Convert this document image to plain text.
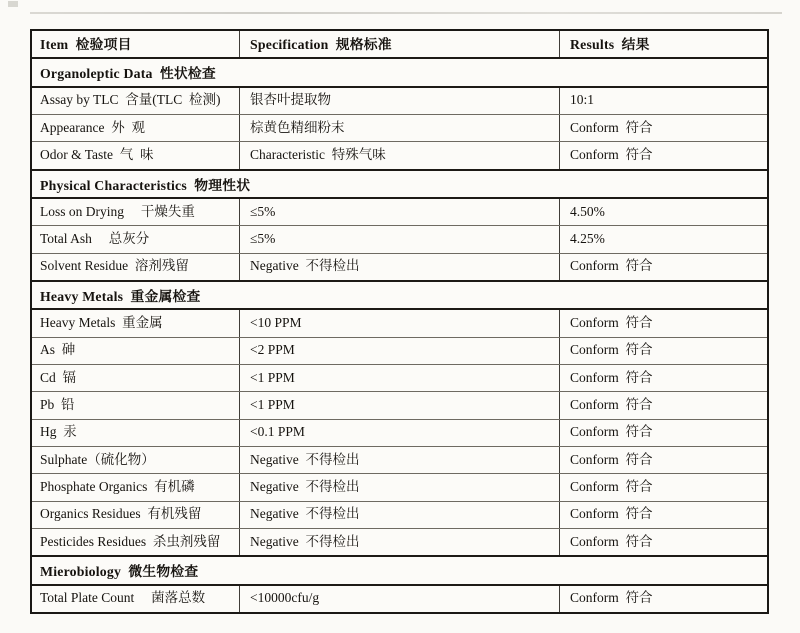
Item  检验项目	Specification  规格标准	Results  结果
Organoleptic Data  性状检查
Assay by TLC  含量(TLC  检测)	银杏叶提取物	10:1
Appearance  外  观	棕黄色精细粉末	Conform  符合
Odor & Taste  气  味	Characteristic  特殊气味	Conform  符合
Physical Characteristics  物理性状
Loss on Drying     干燥失重	≤5%	4.50%
Total Ash     总灰分	≤5%	4.25%
Solvent Residue  溶剂残留	Negative  不得检出	Conform  符合
Heavy Metals  重金属检查
Heavy Metals  重金属	<10 PPM	Conform  符合
As  砷	<2 PPM	Conform  符合
Cd  镉	<1 PPM	Conform  符合
Pb  铅	<1 PPM	Conform  符合
Hg  汞	<0.1 PPM	Conform  符合
Sulphate（硫化物）	Negative  不得检出	Conform  符合
Phosphate Organics  有机磷	Negative  不得检出	Conform  符合
Organics Residues  有机残留	Negative  不得检出	Conform  符合
Pesticides Residues  杀虫剂残留	Negative  不得检出	Conform  符合
Mierobiology  微生物检查
Total Plate Count     菌落总数	<10000cfu/g	Conform  符合
